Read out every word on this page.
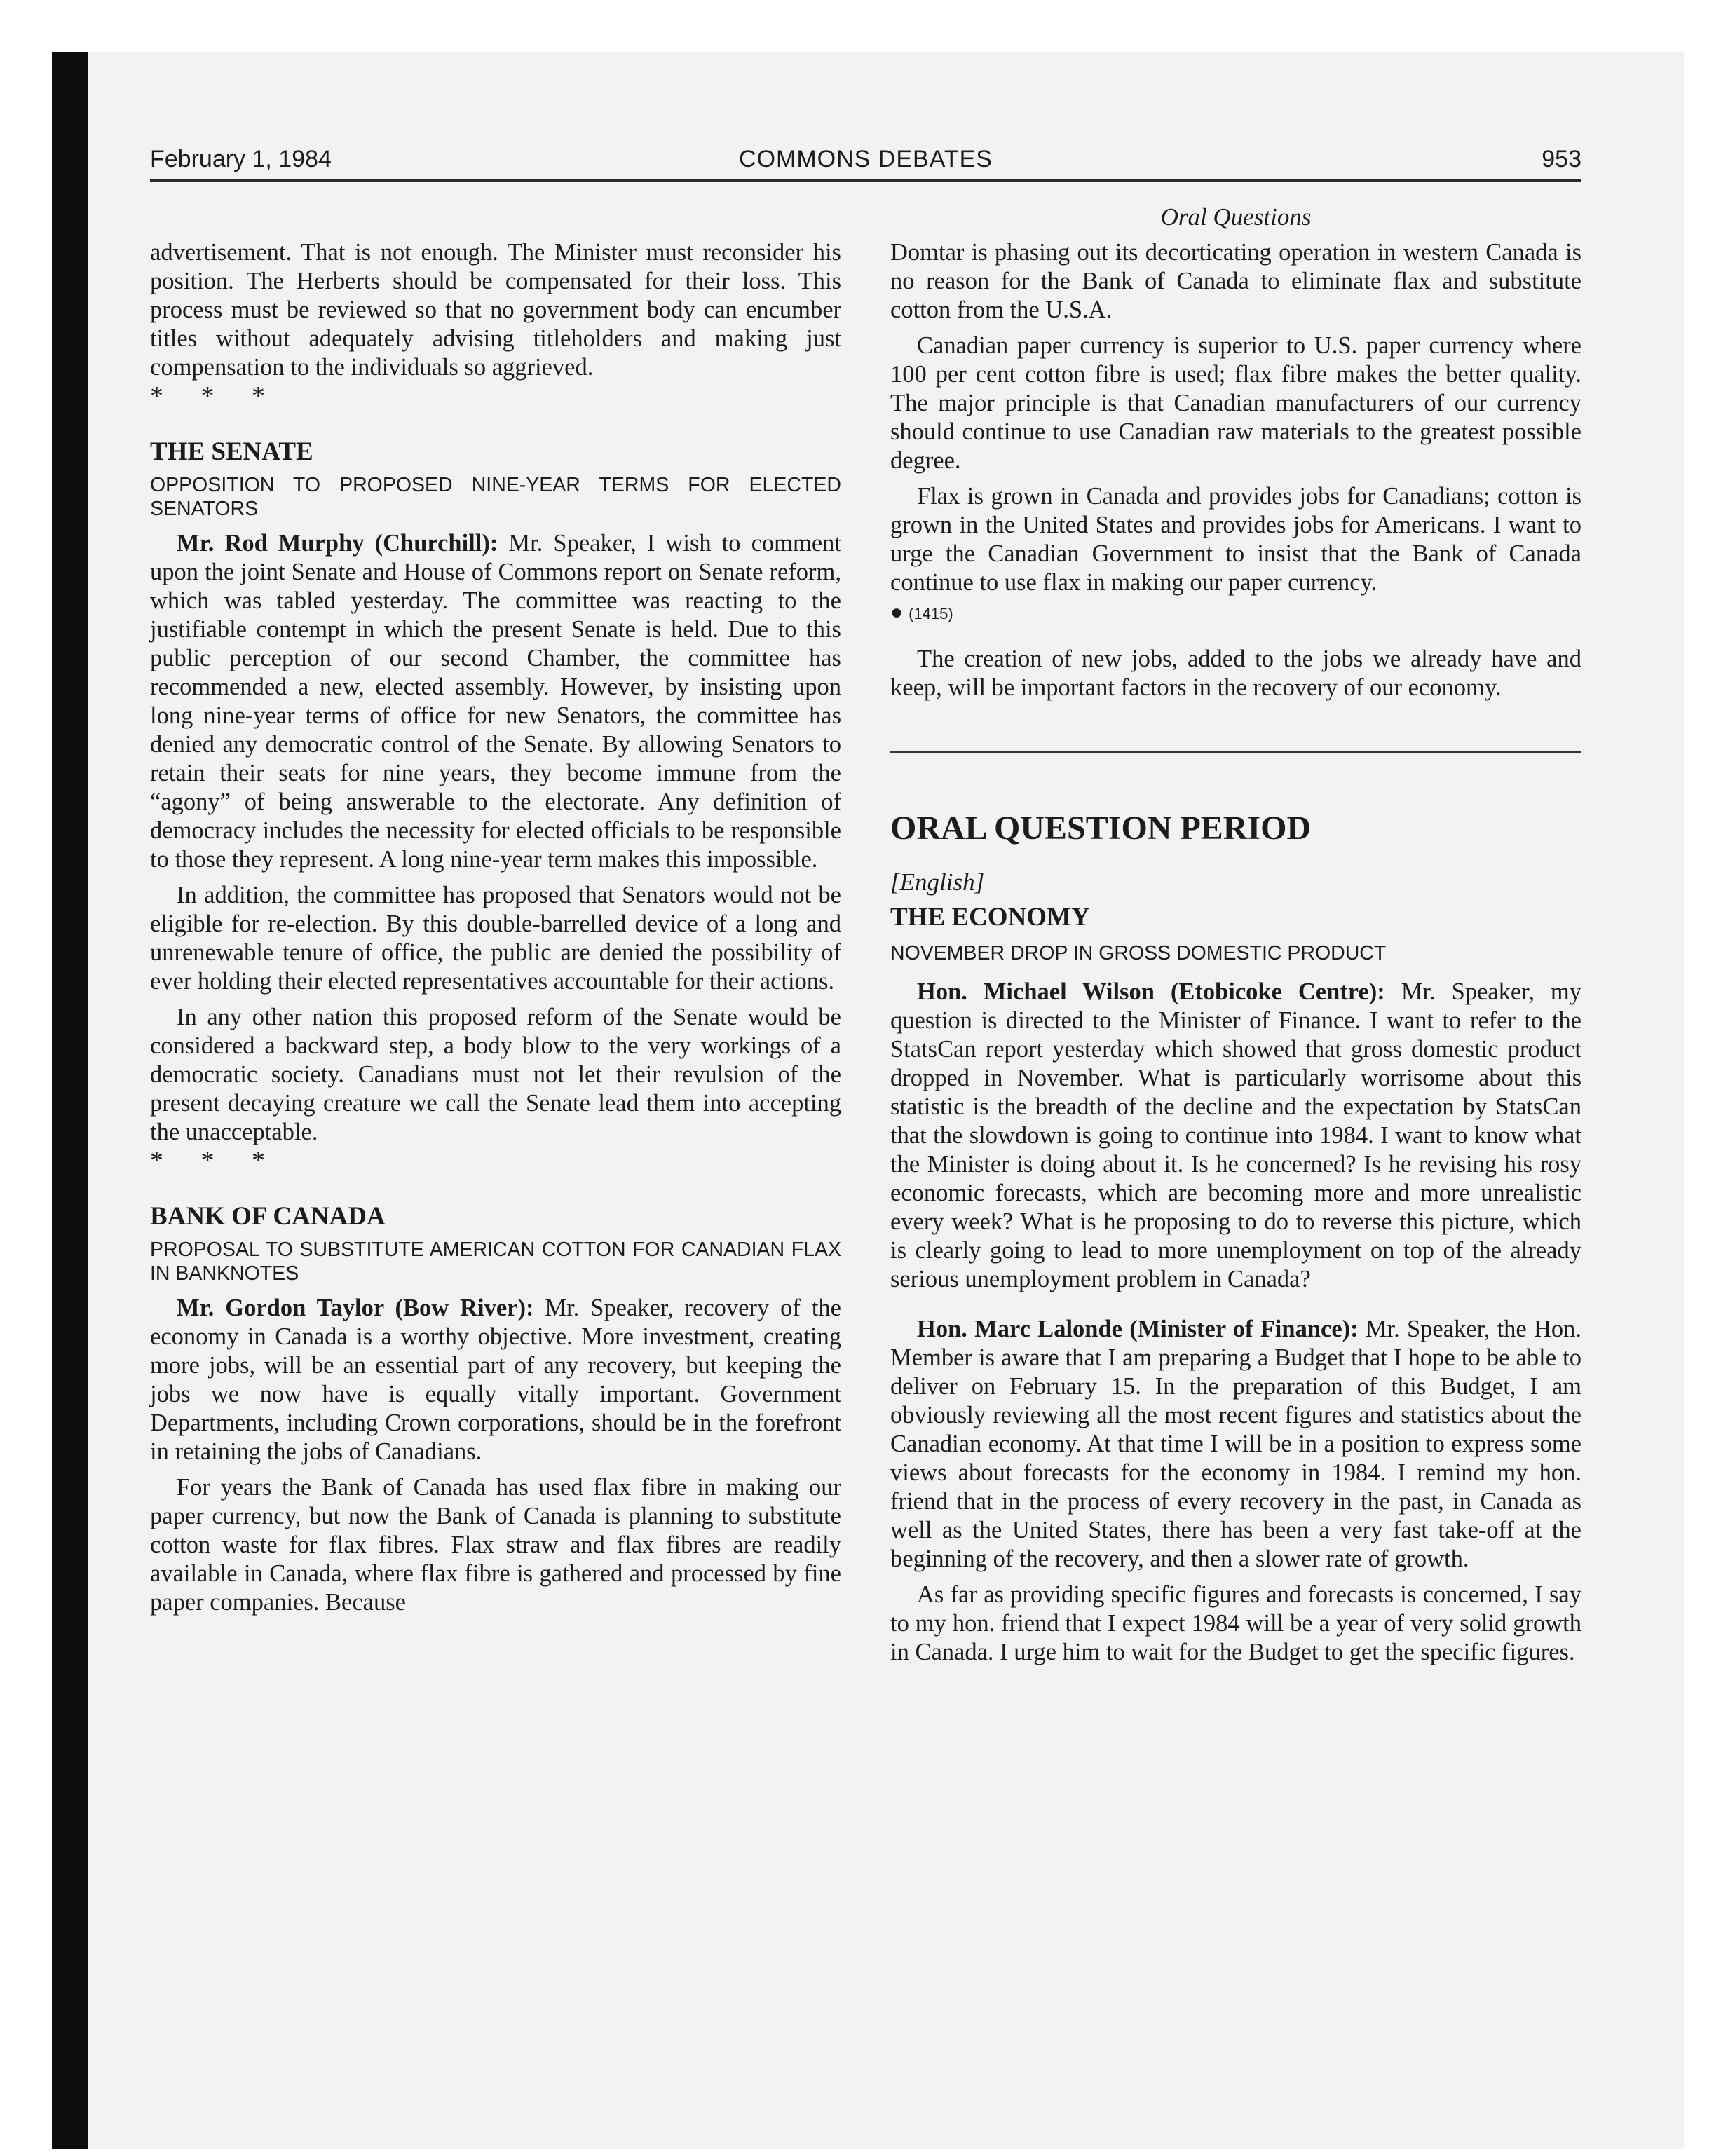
COMMONS DEBATES
February 1, 1984	953
Oral Questions

advertisement. That is not enough. The Minister must reconsider his position. The Herberts should be compensated for their loss. This process must be reviewed so that no government body can encumber titles without adequately advising titleholders and making just compensation to the individuals so aggrieved.

* * *

THE SENATE

OPPOSITION TO PROPOSED NINE-YEAR TERMS FOR ELECTED SENATORS

Mr. Rod Murphy (Churchill): Mr. Speaker, I wish to comment upon the joint Senate and House of Commons report on Senate reform, which was tabled yesterday. The committee was reacting to the justifiable contempt in which the present Senate is held. Due to this public perception of our second Chamber, the committee has recommended a new, elected assembly. However, by insisting upon long nine-year terms of office for new Senators, the committee has denied any democratic control of the Senate. By allowing Senators to retain their seats for nine years, they become immune from the “agony” of being answerable to the electorate. Any definition of democracy includes the necessity for elected officials to be responsible to those they represent. A long nine-year term makes this impossible.

In addition, the committee has proposed that Senators would not be eligible for re-election. By this double-barrelled device of a long and unrenewable tenure of office, the public are denied the possibility of ever holding their elected representatives accountable for their actions.

In any other nation this proposed reform of the Senate would be considered a backward step, a body blow to the very workings of a democratic society. Canadians must not let their revulsion of the present decaying creature we call the Senate lead them into accepting the unacceptable.

* * *

BANK OF CANADA

PROPOSAL TO SUBSTITUTE AMERICAN COTTON FOR CANADIAN FLAX IN BANKNOTES

Mr. Gordon Taylor (Bow River): Mr. Speaker, recovery of the economy in Canada is a worthy objective. More investment, creating more jobs, will be an essential part of any recovery, but keeping the jobs we now have is equally vitally important. Government Departments, including Crown corporations, should be in the forefront in retaining the jobs of Canadians.

For years the Bank of Canada has used flax fibre in making our paper currency, but now the Bank of Canada is planning to substitute cotton waste for flax fibres. Flax straw and flax fibres are readily available in Canada, where flax fibre is gathered and processed by fine paper companies. Because

Domtar is phasing out its decorticating operation in western Canada is no reason for the Bank of Canada to eliminate flax and substitute cotton from the U.S.A.

Canadian paper currency is superior to U.S. paper currency where 100 per cent cotton fibre is used; flax fibre makes the better quality. The major principle is that Canadian manufacturers of our currency should continue to use Canadian raw materials to the greatest possible degree.

Flax is grown in Canada and provides jobs for Canadians; cotton is grown in the United States and provides jobs for Americans. I want to urge the Canadian Government to insist that the Bank of Canada continue to use flax in making our paper currency.

● (1415)

The creation of new jobs, added to the jobs we already have and keep, will be important factors in the recovery of our economy.

ORAL QUESTION PERIOD

[English]

THE ECONOMY

NOVEMBER DROP IN GROSS DOMESTIC PRODUCT

Hon. Michael Wilson (Etobicoke Centre): Mr. Speaker, my question is directed to the Minister of Finance. I want to refer to the StatsCan report yesterday which showed that gross domestic product dropped in November. What is particularly worrisome about this statistic is the breadth of the decline and the expectation by StatsCan that the slowdown is going to continue into 1984. I want to know what the Minister is doing about it. Is he concerned? Is he revising his rosy economic forecasts, which are becoming more and more unrealistic every week? What is he proposing to do to reverse this picture, which is clearly going to lead to more unemployment on top of the already serious unemployment problem in Canada?

Hon. Marc Lalonde (Minister of Finance): Mr. Speaker, the Hon. Member is aware that I am preparing a Budget that I hope to be able to deliver on February 15. In the preparation of this Budget, I am obviously reviewing all the most recent figures and statistics about the Canadian economy. At that time I will be in a position to express some views about forecasts for the economy in 1984. I remind my hon. friend that in the process of every recovery in the past, in Canada as well as the United States, there has been a very fast take-off at the beginning of the recovery, and then a slower rate of growth.

As far as providing specific figures and forecasts is concerned, I say to my hon. friend that I expect 1984 will be a year of very solid growth in Canada. I urge him to wait for the Budget to get the specific figures.
